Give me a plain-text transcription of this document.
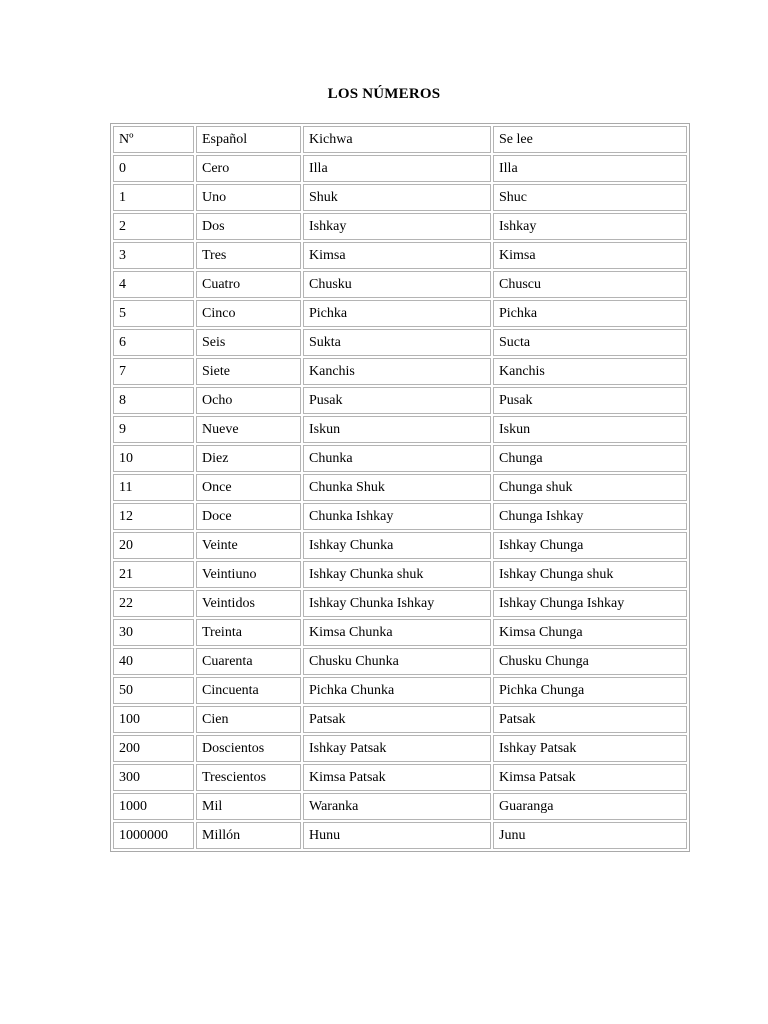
LOS NÚMEROS
Nº	Español	Kichwa	Se lee
0	Cero	Illa	Illa
1	Uno	Shuk	Shuc
2	Dos	Ishkay	Ishkay
3	Tres	Kimsa	Kimsa
4	Cuatro	Chusku	Chuscu
5	Cinco	Pichka	Pichka
6	Seis	Sukta	Sucta
7	Siete	Kanchis	Kanchis
8	Ocho	Pusak	Pusak
9	Nueve	Iskun	Iskun
10	Diez	Chunka	Chunga
11	Once	Chunka Shuk	Chunga shuk
12	Doce	Chunka Ishkay	Chunga Ishkay
20	Veinte	Ishkay Chunka	Ishkay Chunga
21	Veintiuno	Ishkay Chunka shuk	Ishkay Chunga shuk
22	Veintidos	Ishkay Chunka Ishkay	Ishkay Chunga Ishkay
30	Treinta	Kimsa Chunka	Kimsa Chunga
40	Cuarenta	Chusku Chunka	Chusku Chunga
50	Cincuenta	Pichka Chunka	Pichka Chunga
100	Cien	Patsak	Patsak
200	Doscientos	Ishkay Patsak	Ishkay Patsak
300	Trescientos	Kimsa Patsak	Kimsa Patsak
1000	Mil	Waranka	Guaranga
1000000	Millón	Hunu	Junu
